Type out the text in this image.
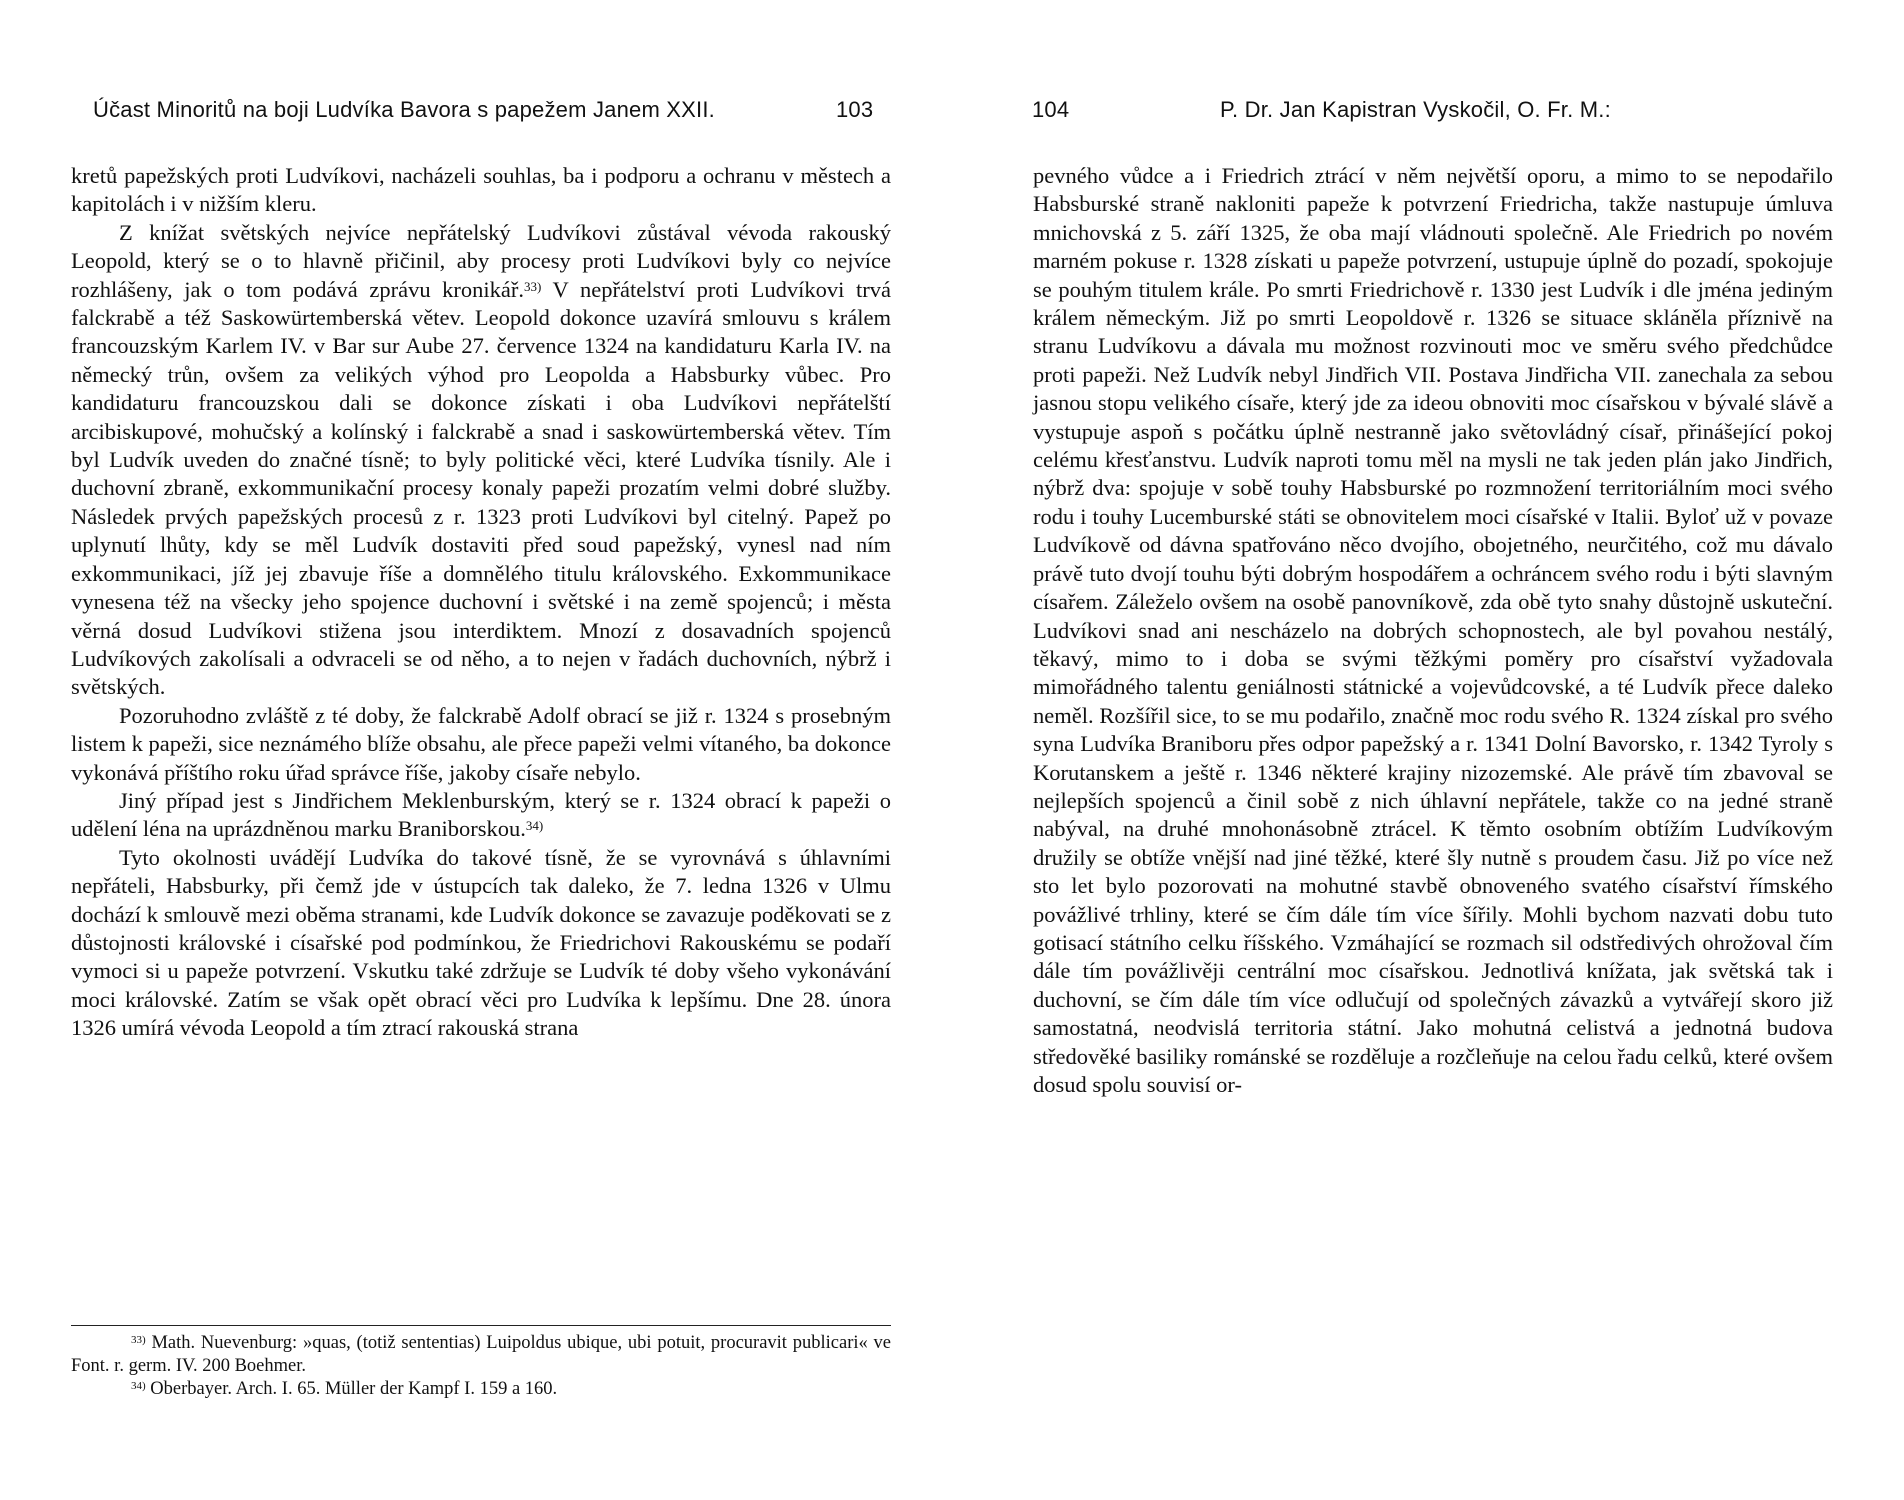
Účast Minoritů na boji Ludvíka Bavora s papežem Janem XXII.	103

kretů papežských proti Ludvíkovi, nacházeli souhlas, ba i podporu a ochranu v městech a kapitolách i v nižším kleru.

Z knížat světských nejvíce nepřátelský Ludvíkovi zůstával vévoda rakouský Leopold, který se o to hlavně přičinil, aby procesy proti Ludvíkovi byly co nejvíce rozhlášeny, jak o tom podává zprávu kronikář.$^{33)}$ V nepřátelství proti Ludvíkovi trvá falckrabě a též Saskowürtemberská větev. Leopold dokonce uzavírá smlouvu s králem francouzským Karlem IV. v Bar sur Aube 27. července 1324 na kandidaturu Karla IV. na německý trůn, ovšem za velikých výhod pro Leopolda a Habsburky vůbec. Pro kandidaturu francouzskou dali se dokonce získati i oba Ludvíkovi nepřátelští arcibiskupové, mohučský a kolínský i falckrabě a snad i saskowürtemberská větev. Tím byl Ludvík uveden do značné tísně; to byly politické věci, které Ludvíka tísnily. Ale i duchovní zbraně, exkommunikační procesy konaly papeži prozatím velmi dobré služby. Následek prvých papežských procesů z r. 1323 proti Ludvíkovi byl citelný. Papež po uplynutí lhůty, kdy se měl Ludvík dostaviti před soud papežský, vynesl nad ním exkommunikaci, jíž jej zbavuje říše a domnělého titulu královského. Exkommunikace vynesena též na všecky jeho spojence duchovní i světské i na země spojenců; i města věrná dosud Ludvíkovi stižena jsou interdiktem. Mnozí z dosavadních spojenců Ludvíkových zakolísali a odvraceli se od něho, a to nejen v řadách duchovních, nýbrž i světských.

Pozoruhodno zvláště z té doby, že falckrabě Adolf obrací se již r. 1324 s prosebným listem k papeži, sice neznámého blíže obsahu, ale přece papeži velmi vítaného, ba dokonce vykonává příštího roku úřad správce říše, jakoby císaře nebylo.

Jiný případ jest s Jindřichem Meklenburským, který se r. 1324 obrací k papeži o udělení léna na uprázdněnou marku Braniborskou.$^{34)}$

Tyto okolnosti uvádějí Ludvíka do takové tísně, že se vyrovnává s úhlavními nepřáteli, Habsburky, při čemž jde v ústupcích tak daleko, že 7. ledna 1326 v Ulmu dochází k smlouvě mezi oběma stranami, kde Ludvík dokonce se zavazuje poděkovati se z důstojnosti královské i císařské pod podmínkou, že Friedrichovi Rakouskému se podaří vymoci si u papeže potvrzení. Vskutku také zdržuje se Ludvík té doby všeho vykonávání moci královské. Zatím se však opět obrací věci pro Ludvíka k lepšímu. Dne 28. února 1326 umírá vévoda Leopold a tím ztrací rakouská strana

$^{33)}$ Math. Nuevenburg: »quas, (totiž sententias) Luipoldus ubique, ubi potuit, procuravit publicari« ve Font. r. germ. IV. 200 Boehmer.

$^{34)}$ Oberbayer. Arch. I. 65. Müller der Kampf I. 159 a 160.

104	P. Dr. Jan Kapistran Vyskočil, O. Fr. M.:

pevného vůdce a i Friedrich ztrácí v něm největší oporu, a mimo to se nepodařilo Habsburské straně nakloniti papeže k potvrzení Friedricha, takže nastupuje úmluva mnichovská z 5. září 1325, že oba mají vládnouti společně. Ale Friedrich po novém marném pokuse r. 1328 získati u papeže potvrzení, ustupuje úplně do pozadí, spokojuje se pouhým titulem krále. Po smrti Friedrichově r. 1330 jest Ludvík i dle jména jediným králem německým. Již po smrti Leopoldově r. 1326 se situace skláněla příznivě na stranu Ludvíkovu a dávala mu možnost rozvinouti moc ve směru svého předchůdce proti papeži. Než Ludvík nebyl Jindřich VII. Postava Jindřicha VII. zanechala za sebou jasnou stopu velikého císaře, který jde za ideou obnoviti moc císařskou v bývalé slávě a vystupuje aspoň s počátku úplně nestranně jako světovládný císař, přinášející pokoj celému křesťanstvu. Ludvík naproti tomu měl na mysli ne tak jeden plán jako Jindřich, nýbrž dva: spojuje v sobě touhy Habsburské po rozmnožení territoriálním moci svého rodu i touhy Lucemburské státi se obnovitelem moci císařské v Italii. Byloť už v povaze Ludvíkově od dávna spatřováno něco dvojího, obojetného, neurčitého, což mu dávalo právě tuto dvojí touhu býti dobrým hospodářem a ochráncem svého rodu i býti slavným císařem. Záleželo ovšem na osobě panovníkově, zda obě tyto snahy důstojně uskuteční. Ludvíkovi snad ani nescházelo na dobrých schopnostech, ale byl povahou nestálý, těkavý, mimo to i doba se svými těžkými poměry pro císařství vyžadovala mimořádného talentu geniálnosti státnické a vojevůdcovské, a té Ludvík přece daleko neměl. Rozšířil sice, to se mu podařilo, značně moc rodu svého R. 1324 získal pro svého syna Ludvíka Braniboru přes odpor papežský a r. 1341 Dolní Bavorsko, r. 1342 Tyroly s Korutanskem a ještě r. 1346 některé krajiny nizozemské. Ale právě tím zbavoval se nejlepších spojenců a činil sobě z nich úhlavní nepřátele, takže co na jedné straně nabýval, na druhé mnohonásobně ztrácel. K těmto osobním obtížím Ludvíkovým družily se obtíže vnější nad jiné těžké, které šly nutně s proudem času. Již po více než sto let bylo pozorovati na mohutné stavbě obnoveného svatého císařství římského povážlivé trhliny, které se čím dále tím více šířily. Mohli bychom nazvati dobu tuto gotisací státního celku říšského. Vzmáhající se rozmach sil odstředivých ohrožoval čím dále tím povážlivěji centrální moc císařskou. Jednotlivá knížata, jak světská tak i duchovní, se čím dále tím více odlučují od společných závazků a vytvářejí skoro již samostatná, neodvislá territoria státní. Jako mohutná celistvá a jednotná budova středověké basiliky románské se rozděluje a rozčleňuje na celou řadu celků, které ovšem dosud spolu souvisí or-
